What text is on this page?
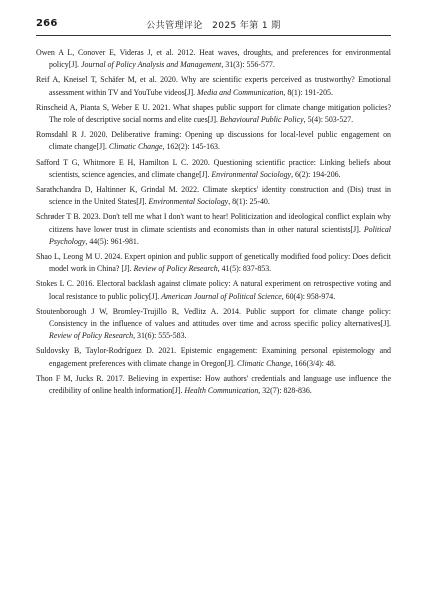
266	公共管理评论　2025 年第 1 期

Owen A L, Conover E, Videras J, et al. 2012. Heat waves, droughts, and preferences for environmental policy[J]. Journal of Policy Analysis and Management, 31(3): 556-577.

Reif A, Kneisel T, Schäfer M, et al. 2020. Why are scientific experts perceived as trustworthy? Emotional assessment within TV and YouTube videos[J]. Media and Communication, 8(1): 191-205.

Rinscheid A, Pianta S, Weber E U. 2021. What shapes public support for climate change mitigation policies? The role of descriptive social norms and elite cues[J]. Behavioural Public Policy, 5(4): 503-527.

Romsdahl R J. 2020. Deliberative framing: Opening up discussions for local-level public engagement on climate change[J]. Climatic Change, 162(2): 145-163.

Safford T G, Whitmore E H, Hamilton L C. 2020. Questioning scientific practice: Linking beliefs about scientists, science agencies, and climate change[J]. Environmental Sociology, 6(2): 194-206.

Sarathchandra D, Haltinner K, Grindal M. 2022. Climate skeptics' identity construction and (Dis) trust in science in the United States[J]. Environmental Sociology, 8(1): 25-40.

Schrøder T B. 2023. Don't tell me what I don't want to hear! Politicization and ideological conflict explain why citizens have lower trust in climate scientists and economists than in other natural scientists[J]. Political Psychology, 44(5): 961-981.

Shao L, Leong M U. 2024. Expert opinion and public support of genetically modified food policy: Does deficit model work in China? [J]. Review of Policy Research, 41(5): 837-853.

Stokes L C. 2016. Electoral backlash against climate policy: A natural experiment on retrospective voting and local resistance to public policy[J]. American Journal of Political Science, 60(4): 958-974.

Stoutenborough J W, Bromley-Trujillo R, Vedlitz A. 2014. Public support for climate change policy: Consistency in the influence of values and attitudes over time and across specific policy alternatives[J]. Review of Policy Research, 31(6): 555-583.

Suldovsky B, Taylor-Rodríguez D. 2021. Epistemic engagement: Examining personal epistemology and engagement preferences with climate change in Oregon[J]. Climatic Change, 166(3/4): 48.

Thon F M, Jucks R. 2017. Believing in expertise: How authors' credentials and language use influence the credibility of online health information[J]. Health Communication, 32(7): 828-836.
